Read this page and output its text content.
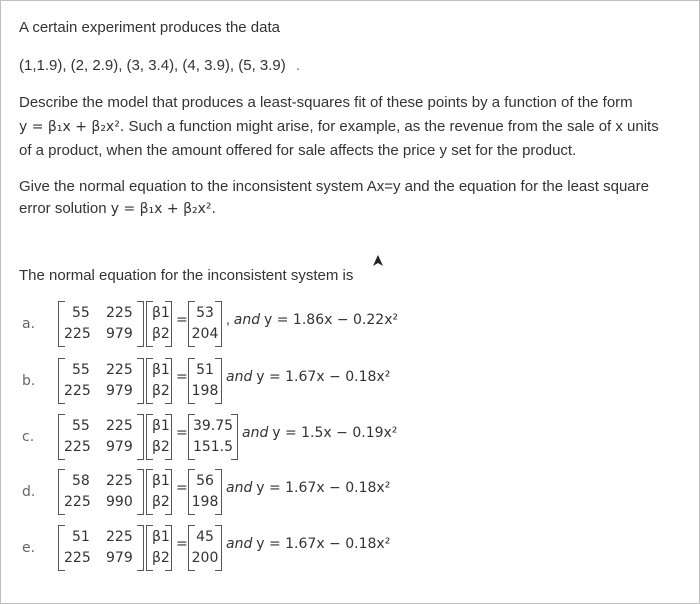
A certain experiment produces the data
(1,1.9), (2, 2.9), (3, 3.4), (4, 3.9), (5, 3.9) .
Describe the model that produces a least-squares fit of these points by a function of the form
y = β₁x + β₂x². Such a function might arise, for example, as the revenue from the sale of x units
of a product, when the amount offered for sale affects the price y set for the product.
Give the normal equation to the inconsistent system Ax=y and the equation for the least square
error solution y = β₁x + β₂x².
The normal equation for the inconsistent system is
a.
55 225
225 979
β1
β2
= 53
204
, and y = 1.86x − 0.22x²
b.
55 225
225 979
β1
β2
= 51
198
and y = 1.67x − 0.18x²
c.
55 225
225 979
β1
β2
= 39.75
151.5
and y = 1.5x − 0.19x²
d.
58 225
225 990
β1
β2
= 56
198
and y = 1.67x − 0.18x²
e.
51 225
225 979
β1
β2
= 45
200
and y = 1.67x − 0.18x²
